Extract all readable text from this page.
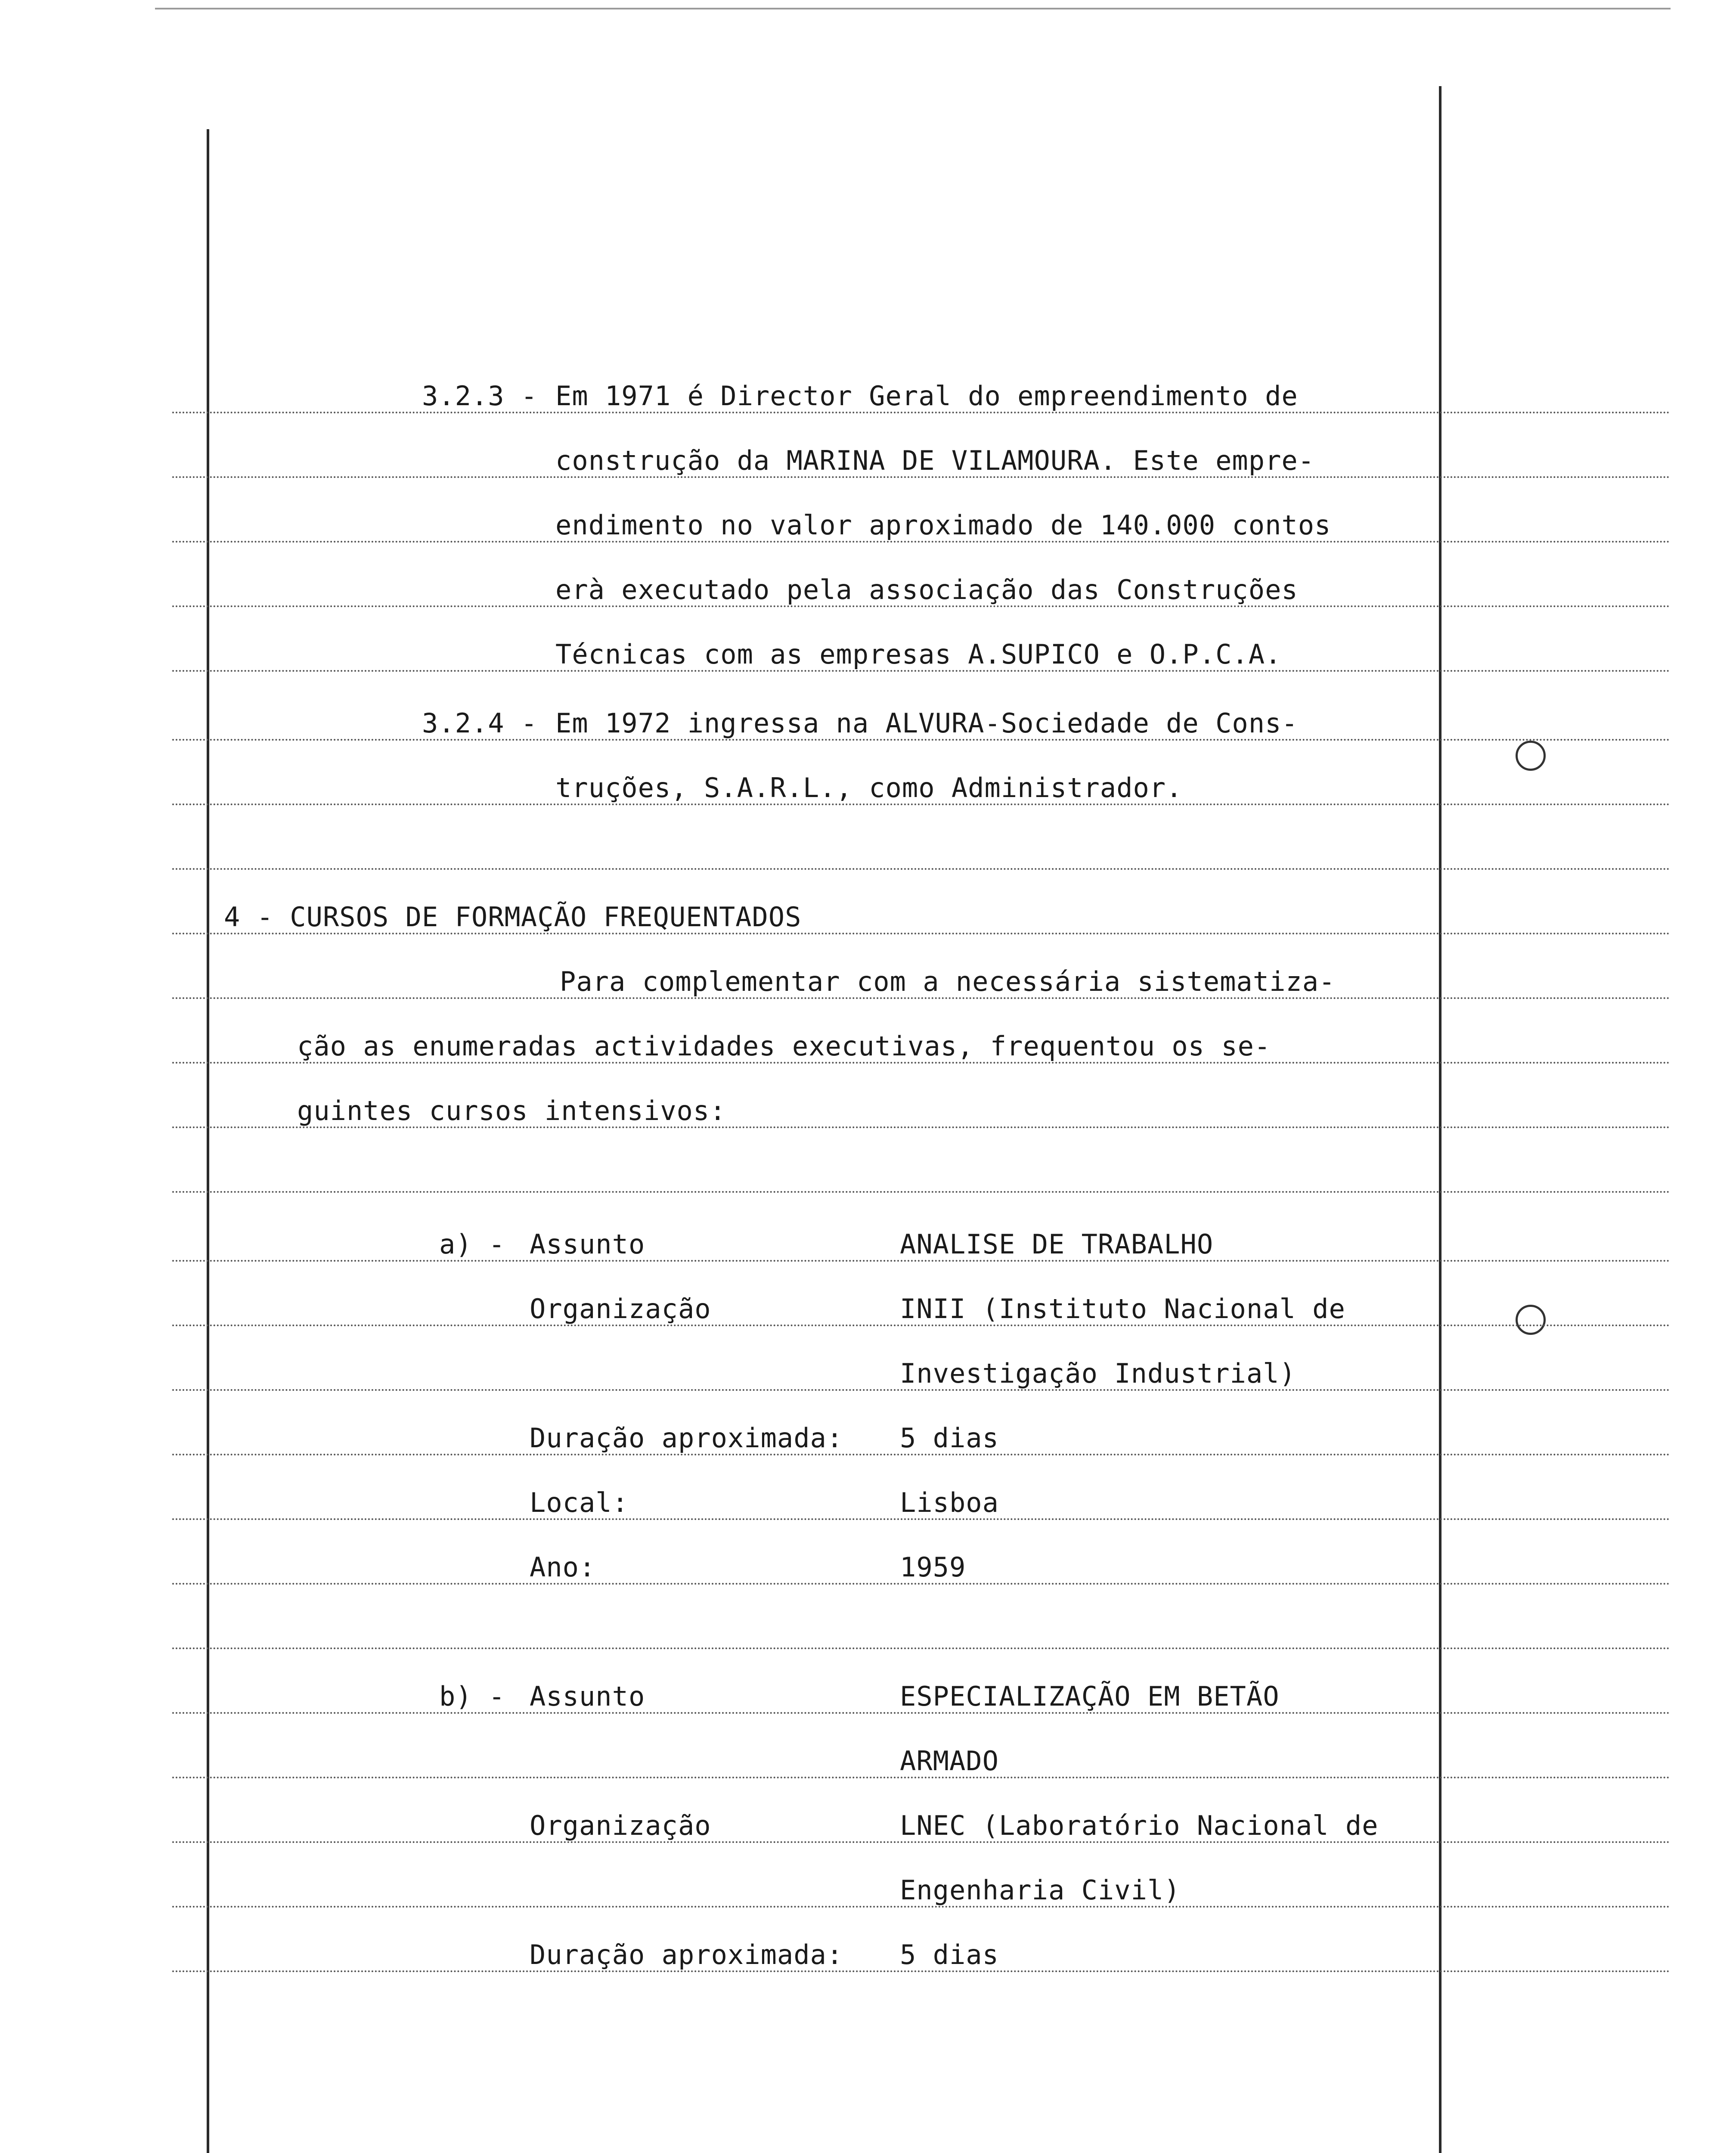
3.2.3 - Em 1971 é Director Geral do empreendimento de
construção da MARINA DE VILAMOURA. Este empre-
endimento no valor aproximado de 140.000 contos
erà executado pela associação das Construções
Técnicas com as empresas A.SUPICO e O.P.C.A.
3.2.4 - Em 1972 ingressa na ALVURA-Sociedade de Cons-
truções, S.A.R.L., como Administrador.
4 - CURSOS DE FORMAÇÃO FREQUENTADOS
Para complementar com a necessária sistematiza-
ção as enumeradas actividades executivas, frequentou os se-
guintes cursos intensivos:
a) - Assunto	ANALISE DE TRABALHO
Organização	INII (Instituto Nacional de
Investigação Industrial)
Duração aproximada: 5 dias
Local:	Lisboa
Ano:	1959
b) - Assunto	ESPECIALIZAÇÃO EM BETÃO
ARMADO
Organização	LNEC (Laboratório Nacional de
Engenharia Civil)
Duração aproximada: 5 dias
